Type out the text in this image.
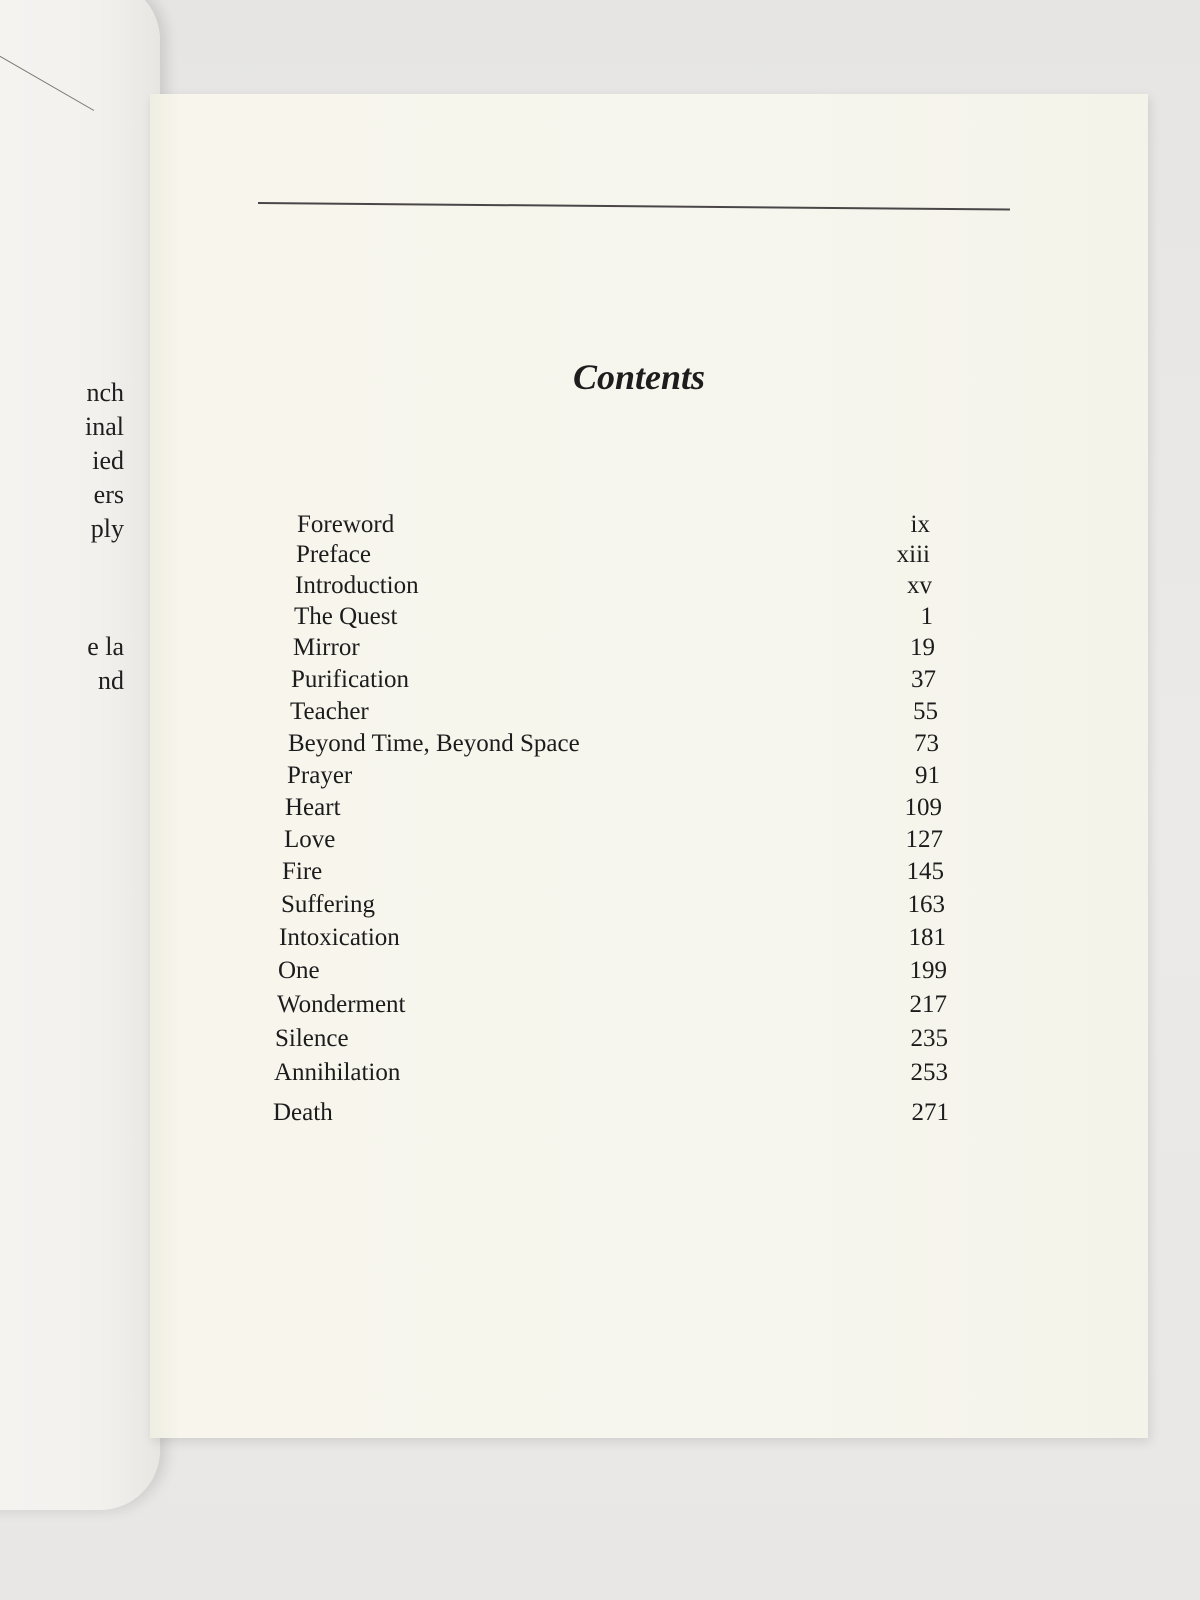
nch
inal
ied
ers
ply
e la
nd
Contents
Foreword	ix
Preface	xiii
Introduction	xv
The Quest	1
Mirror	19
Purification	37
Teacher	55
Beyond Time, Beyond Space	73
Prayer	91
Heart	109
Love	127
Fire	145
Suffering	163
Intoxication	181
One	199
Wonderment	217
Silence	235
Annihilation	253
Death	271
